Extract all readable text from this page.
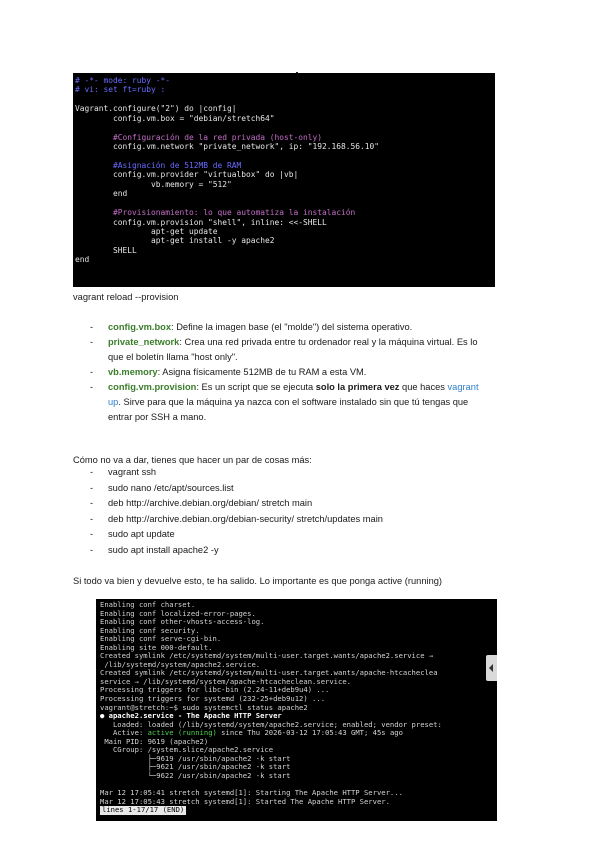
# -*- mode: ruby -*-
# vi: set ft=ruby :
Vagrant.configure("2") do |config|
config.vm.box = "debian/stretch64"
#Configuración de la red privada (host-only)
config.vm.network "private_network", ip: "192.168.56.10"
#Asignación de 512MB de RAM
config.vm.provider "virtualbox" do |vb|
vb.memory = "512"
end
#Provisionamiento: lo que automatiza la instalación
config.vm.provision "shell", inline: <<-SHELL
apt-get update
apt-get install -y apache2
SHELL
end
vagrant reload --provision
- config.vm.box: Define la imagen base (el "molde") del sistema operativo.
- private_network: Crea una red privada entre tu ordenador real y la máquina virtual. Es lo
que el boletín llama "host only".
- vb.memory: Asigna físicamente 512MB de tu RAM a esta VM.
- config.vm.provision: Es un script que se ejecuta solo la primera vez que haces vagrant
up. Sirve para que la máquina ya nazca con el software instalado sin que tú tengas que
entrar por SSH a mano.
Cómo no va a dar, tienes que hacer un par de cosas más:
- vagrant ssh
- sudo nano /etc/apt/sources.list
- deb http://archive.debian.org/debian/ stretch main
- deb http://archive.debian.org/debian-security/ stretch/updates main
- sudo apt update
- sudo apt install apache2 -y
Si todo va bien y devuelve esto, te ha salido. Lo importante es que ponga active (running)
Enabling conf charset.
Enabling conf localized-error-pages.
Enabling conf other-vhosts-access-log.
Enabling conf security.
Enabling conf serve-cgi-bin.
Enabling site 000-default.
Created symlink /etc/systemd/system/multi-user.target.wants/apache2.service →
/lib/systemd/system/apache2.service.
Created symlink /etc/systemd/system/multi-user.target.wants/apache-htcacheclea
service → /lib/systemd/system/apache-htcacheclean.service.
Processing triggers for libc-bin (2.24-11+deb9u4) ...
Processing triggers for systemd (232-25+deb9u12) ...
vagrant@stretch:~$ sudo systemctl status apache2
● apache2.service - The Apache HTTP Server
Loaded: loaded (/lib/systemd/system/apache2.service; enabled; vendor preset:
Active: active (running) since Thu 2026-03-12 17:05:43 GMT; 45s ago
Main PID: 9619 (apache2)
CGroup: /system.slice/apache2.service
├─9619 /usr/sbin/apache2 -k start
├─9621 /usr/sbin/apache2 -k start
└─9622 /usr/sbin/apache2 -k start
Mar 12 17:05:41 stretch systemd[1]: Starting The Apache HTTP Server...
Mar 12 17:05:43 stretch systemd[1]: Started The Apache HTTP Server.
lines 1-17/17 (END)
